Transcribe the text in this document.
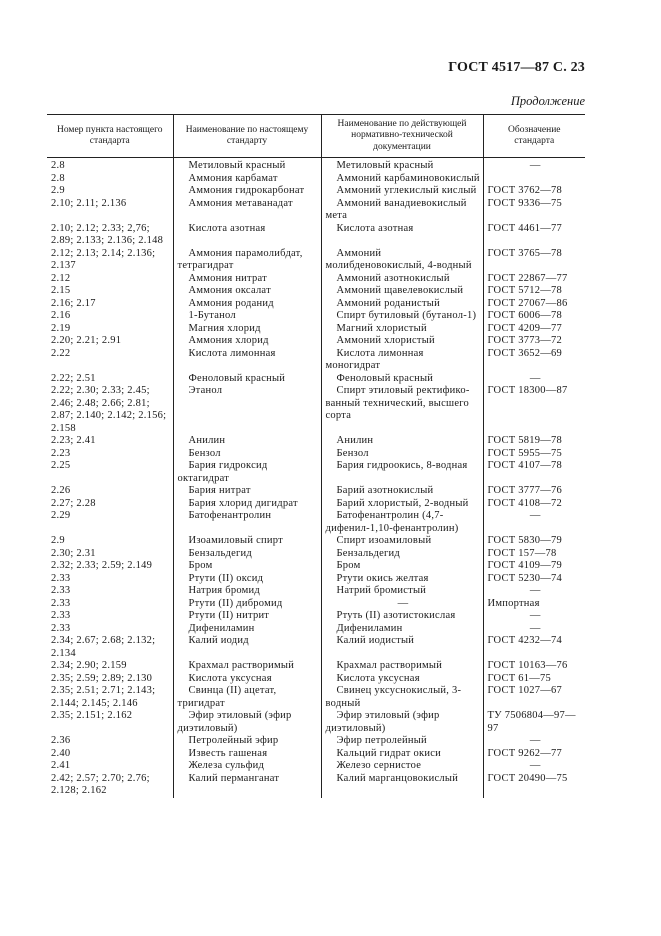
ГОСТ 4517—87 С. 23
Продолжение
Номер пункта настоящего стандарта	Наименование по настоящему стандарту	Наименование по действующей нормативно-технической документации	Обозначение стандарта
2.8	Метиловый красный	Метиловый красный	—
2.8	Аммония карбамат	Аммоний карбаминовокислый	
2.9	Аммония гидрокарбонат	Аммоний углекислый кислый	ГОСТ 3762—78
2.10; 2.11; 2.136	Аммония метаванадат	Аммоний ванадиевокислый мета	ГОСТ 9336—75
2.10; 2.12; 2.33; 2,76; 2.89; 2.133; 2.136; 2.148	Кислота азотная	Кислота азотная	ГОСТ 4461—77
2.12; 2.13; 2.14; 2.136; 2.137	Аммония парамолибдат, тетрагидрат	Аммоний молибденовокислый, 4-водный	ГОСТ 3765—78
2.12	Аммония нитрат	Аммоний азотнокислый	ГОСТ 22867—77
2.15	Аммония оксалат	Аммоний щавелевокислый	ГОСТ 5712—78
2.16; 2.17	Аммония роданид	Аммоний роданистый	ГОСТ 27067—86
2.16	1-Бутанол	Спирт бутиловый (бутанол-1)	ГОСТ 6006—78
2.19	Магния хлорид	Магний хлористый	ГОСТ 4209—77
2.20; 2.21; 2.91	Аммония хлорид	Аммоний хлористый	ГОСТ 3773—72
2.22	Кислота лимонная	Кислота лимонная моногидрат	ГОСТ 3652—69
2.22; 2.51	Феноловый красный	Феноловый красный	—
2.22; 2.30; 2.33; 2.45; 2.46; 2.48; 2.66; 2.81; 2.87; 2.140; 2.142; 2.156; 2.158	Этанол	Спирт этиловый ректифико-ванный технический, высшего сорта	ГОСТ 18300—87
2.23; 2.41	Анилин	Анилин	ГОСТ 5819—78
2.23	Бензол	Бензол	ГОСТ 5955—75
2.25	Бария гидроксид октагидрат	Бария гидроокись, 8-водная	ГОСТ 4107—78
2.26	Бария нитрат	Барий азотнокислый	ГОСТ 3777—76
2.27; 2.28	Бария хлорид дигидрат	Барий хлористый, 2-водный	ГОСТ 4108—72
2.29	Батофенантролин	Батофенантролин (4,7-дифенил-1,10-фенантролин)	—
2.9	Изоамиловый спирт	Спирт изоамиловый	ГОСТ 5830—79
2.30; 2.31	Бензальдегид	Бензальдегид	ГОСТ 157—78
2.32; 2.33; 2.59; 2.149	Бром	Бром	ГОСТ 4109—79
2.33	Ртути (II) оксид	Ртути окись желтая	ГОСТ 5230—74
2.33	Натрия бромид	Натрий бромистый	—
2.33	Ртути (II) дибромид	—	Импортная
2.33	Ртути (II) нитрит	Ртуть (II) азотистокислая	—
2.33	Дифениламин	Дифениламин	—
2.34; 2.67; 2.68; 2.132; 2.134	Калий иодид	Калий иодистый	ГОСТ 4232—74
2.34; 2.90; 2.159	Крахмал растворимый	Крахмал растворимый	ГОСТ 10163—76
2.35; 2.59; 2.89; 2.130	Кислота уксусная	Кислота уксусная	ГОСТ 61—75
2.35; 2.51; 2.71; 2.143; 2.144; 2.145; 2.146	Свинца (II) ацетат, тригидрат	Свинец уксуснокислый, 3-водный	ГОСТ 1027—67
2.35; 2.151; 2.162	Эфир этиловый (эфир диэтиловый)	Эфир этиловый (эфир диэтиловый)	ТУ 7506804—97—97
2.36	Петролейный эфир	Эфир петролейный	—
2.40	Известь гашеная	Кальций гидрат окиси	ГОСТ 9262—77
2.41	Железа сульфид	Железо сернистое	—
2.42; 2.57; 2.70; 2.76; 2.128; 2.162	Калий перманганат	Калий марганцовокислый	ГОСТ 20490—75
